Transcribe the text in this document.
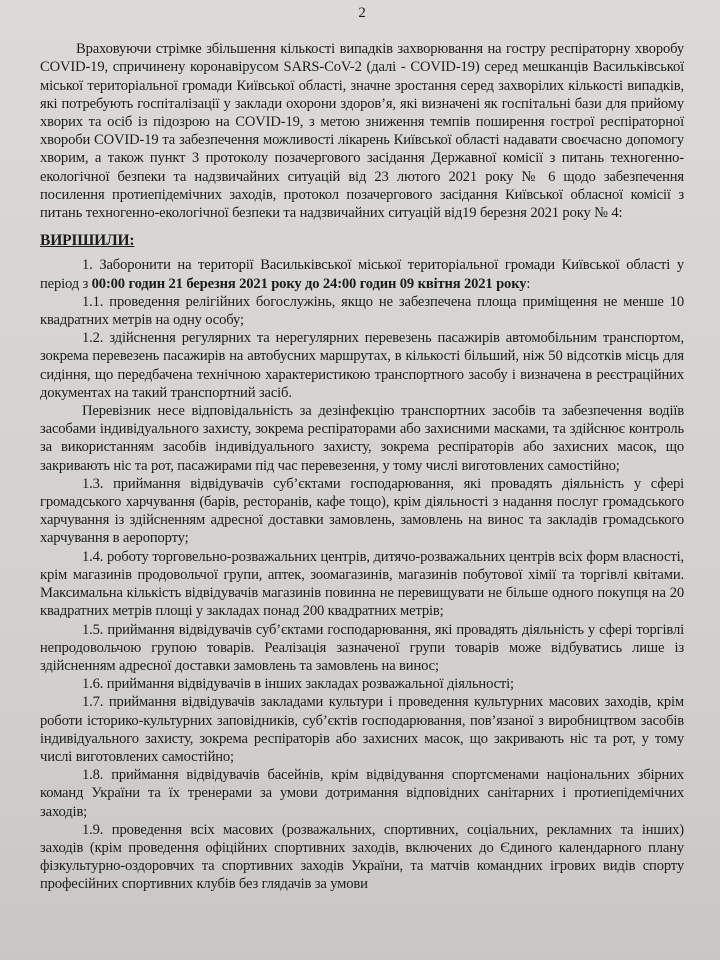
2

Враховуючи стрімке збільшення кількості випадків захворювання на гостру респіраторну хворобу COVID-19, спричинену коронавірусом SARS-CoV-2 (далі - COVID-19) серед мешканців Васильківської міської територіальної громади Київської області, значне зростання серед захворілих кількості випадків, які потребують госпіталізації у заклади охорони здоров’я, які визначені як госпітальні бази для прийому хворих та осіб із підозрою на COVID-19, з метою зниження темпів поширення гострої респіраторної хвороби COVID-19 та забезпечення можливості лікарень Київської області надавати своєчасно допомогу хворим, а також пункт 3 протоколу позачергового засідання Державної комісії з питань техногенно-екологічної безпеки та надзвичайних ситуацій від 23 лютого 2021 року № 6 щодо забезпечення посилення протиепідемічних заходів, протокол позачергового засідання Київської обласної комісії з питань техногенно-екологічної безпеки та надзвичайних ситуацій від19 березня 2021 року № 4:

ВИРІШИЛИ:

1. Заборонити на території Васильківської міської територіальної громади Київської області у період з 00:00 годин 21 березня 2021 року до 24:00 годин 09 квітня 2021 року:

1.1. проведення релігійних богослужінь, якщо не забезпечена площа приміщення не менше 10 квадратних метрів на одну особу;

1.2. здійснення регулярних та нерегулярних перевезень пасажирів автомобільним транспортом, зокрема перевезень пасажирів на автобусних маршрутах, в кількості більший, ніж 50 відсотків місць для сидіння, що передбачена технічною характеристикою транспортного засобу і визначена в реєстраційних документах на такий транспортний засіб.

Перевізник несе відповідальність за дезінфекцію транспортних засобів та забезпечення водіїв засобами індивідуального захисту, зокрема респіраторами або захисними масками, та здійснює контроль за використанням засобів індивідуального захисту, зокрема респіраторів або захисних масок, що закривають ніс та рот, пасажирами під час перевезення, у тому числі виготовлених самостійно;

1.3. приймання відвідувачів суб’єктами господарювання, які провадять діяльність у сфері громадського харчування (барів, ресторанів, кафе тощо), крім діяльності з надання послуг громадського харчування із здійсненням адресної доставки замовлень, замовлень на винос та закладів громадського харчування в аеропорту;

1.4. роботу торговельно-розважальних центрів, дитячо-розважальних центрів всіх форм власності, крім магазинів продовольчої групи, аптек, зоомагазинів, магазинів побутової хімії та торгівлі квітами. Максимальна кількість відвідувачів магазинів повинна не перевищувати не більше одного покупця на 20 квадратних метрів площі у закладах понад 200 квадратних метрів;

1.5. приймання відвідувачів суб’єктами господарювання, які провадять діяльність у сфері торгівлі непродовольчою групою товарів. Реалізація зазначеної групи товарів може відбуватись лише із здійсненням адресної доставки замовлень та замовлень на винос;

1.6. приймання відвідувачів в інших закладах розважальної діяльності;

1.7. приймання відвідувачів закладами культури і проведення культурних масових заходів, крім роботи історико-культурних заповідників, суб’єктів господарювання, пов’язаної з виробництвом засобів індивідуального захисту, зокрема респіраторів або захисних масок, що закривають ніс та рот, у тому числі виготовлених самостійно;

1.8. приймання відвідувачів басейнів, крім відвідування спортсменами національних збірних команд України та їх тренерами за умови дотримання відповідних санітарних і протиепідемічних заходів;

1.9. проведення всіх масових (розважальних, спортивних, соціальних, рекламних та інших) заходів (крім проведення офіційних спортивних заходів, включених до Єдиного календарного плану фізкультурно-оздоровчих та спортивних заходів України, та матчів командних ігрових видів спорту професійних спортивних клубів без глядачів за умови
